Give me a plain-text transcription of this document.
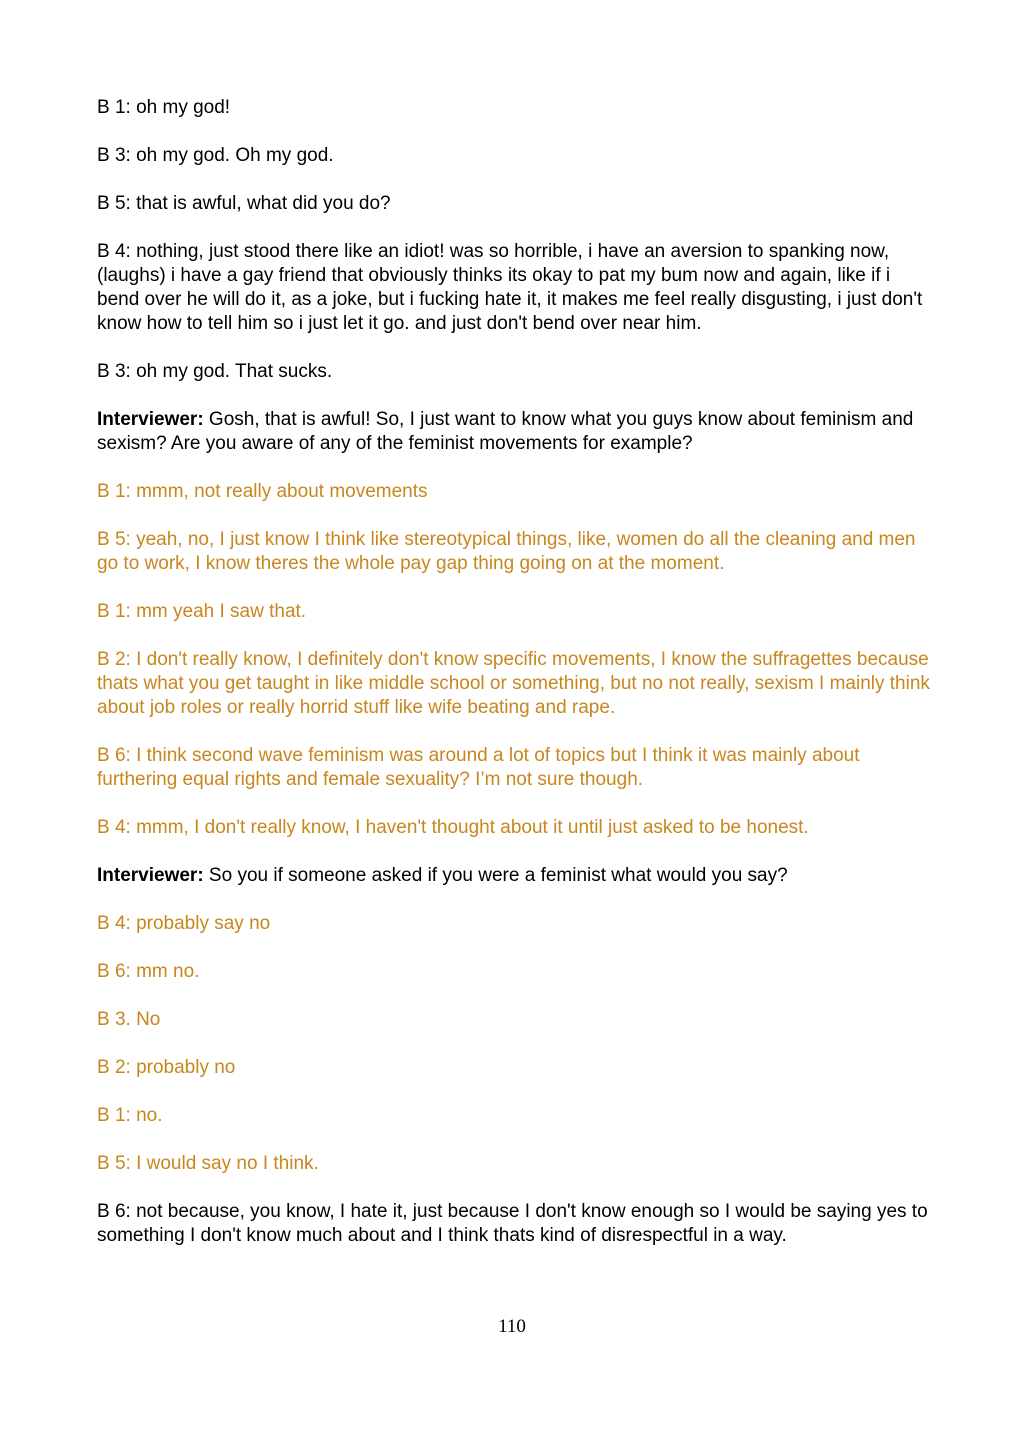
B 1: oh my god!

B 3: oh my god. Oh my god.

B 5: that is awful, what did you do?

B 4: nothing, just stood there like an idiot! was so horrible, i have an aversion to spanking now, (laughs) i have a gay friend that obviously thinks its okay to pat my bum now and again, like if i bend over he will do it, as a joke, but i fucking hate it, it makes me feel really disgusting, i just don't know how to tell him so i just let it go. and just don't bend over near him.

B 3: oh my god. That sucks.

Interviewer: Gosh, that is awful! So, I just want to know what you guys know about feminism and sexism? Are you aware of any of the feminist movements for example?

B 1: mmm, not really about movements

B 5: yeah, no, I just know I think like stereotypical things, like, women do all the cleaning and men go to work, I know theres the whole pay gap thing going on at the moment.

B 1: mm yeah I saw that.

B 2: I don't really know, I definitely don't know specific movements, I know the suffragettes because thats what you get taught in like middle school or something, but no not really, sexism I mainly think about job roles or really horrid stuff like wife beating and rape.

B 6: I think second wave feminism was around a lot of topics but I think it was mainly about furthering equal rights and female sexuality? I’m not sure though.

B 4: mmm, I don't really know, I haven't thought about it until just asked to be honest.

Interviewer: So you if someone asked if you were a feminist what would you say?

B 4: probably say no

B 6: mm no.

B 3. No

B 2: probably no

B 1: no.

B 5: I would say no I think.

B 6: not because, you know, I hate it, just because I don't know enough so I would be saying yes to something I don't know much about and I think thats kind of disrespectful in a way.

110
